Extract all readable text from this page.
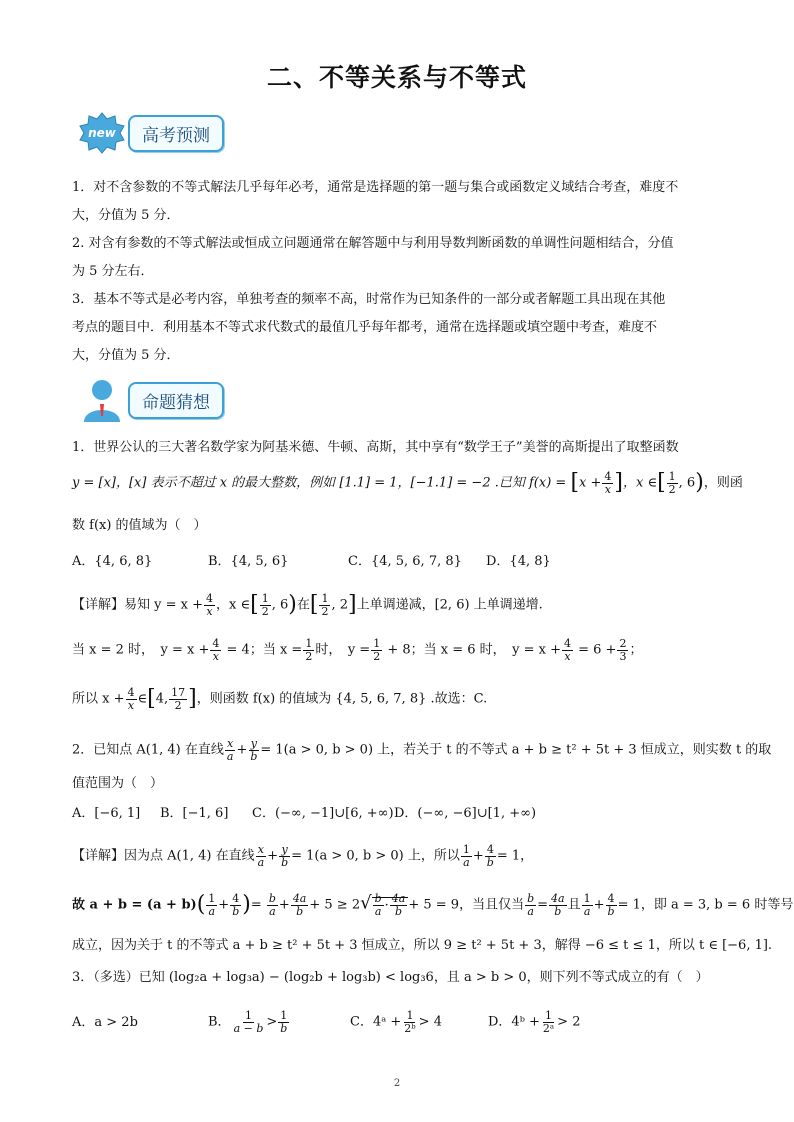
二、不等关系与不等式
new	高考预测
1．对不含参数的不等式解法几乎每年必考，通常是选择题的第一题与集合或函数定义域结合考查，难度不
大，分值为 5 分．
2. 对含有参数的不等式解法或恒成立问题通常在解答题中与利用导数判断函数的单调性问题相结合，分值
为 5 分左右．
3．基本不等式是必考内容，单独考查的频率不高，时常作为已知条件的一部分或者解题工具出现在其他
考点的题目中．利用基本不等式求代数式的最值几乎每年都考，通常在选择题或填空题中考查，难度不
大，分值为 5 分．
命题猜想
1．世界公认的三大著名数学家为阿基米德、牛顿、高斯，其中享有“数学王子”美誉的高斯提出了取整函数
y = [x]，[x] 表示不超过 x 的最大整数，例如 [1.1] = 1，[−1.1] = −2 .已知 $f(x) = [x + \frac{4}{x}$ ]，x ∈[ $\frac{1}{2}$ , 6)，则函
数 f(x) 的值域为（　）
A．{4, 6, 8}	B．{4, 5, 6}	C．{4, 5, 6, 7, 8} D．{4, 8}
【详解】易知 $y = x + \frac{4}{x}$ ，x ∈[ $\frac{1}{2}$ , 6)在[ $\frac{1}{2}$ , 2]上单调递减，[2, 6) 上单调递增.
当 x = 2 时，　$y = x + \frac{4}{x} = 4$；当 $x = \frac{1}{2}$ 时，　$y = \frac{1}{2} + 8$；当 x = 6 时，　$y = x + \frac{4}{x} = 6 + \frac{2}{3}$ ；
所以 $x + \frac{4}{x}$ ∈[4, $\frac{17}{2}$ ]，则函数 f(x) 的值域为 {4, 5, 6, 7, 8} .故选：C.
2．已知点 A(1, 4) 在直线 $\frac{x}{a} + \frac{y}{b} = 1(a > 0$, b > 0) 上，若关于 t 的不等式 a + b ≥ t² + 5t + 3 恒成立，则实数 t 的取
值范围为（　）
A．[−6, 1] B．[−1, 6] C．(−∞, −1]∪[6, +∞)D．(−∞, −6]∪[1, +∞)
【详解】因为点 A(1, 4) 在直线 $\frac{x}{a} + \frac{y}{b} = 1(a > 0$, b > 0) 上，所以 $\frac{1}{a} + \frac{4}{b} = 1$，
故 $a + b = (a + b)( \frac{1}{a} + \frac{4}{b}$ )= $\frac{b}{a} + \frac{4a}{b} + 5 \ge 2√ \frac{b}{a} \cdot \frac{4a}{b} + 5 = 9$，当且仅当 $\frac{b}{a} = \frac{4a}{b}$ 且 $\frac{1}{a} + \frac{4}{b} = 1$，即 a = 3, b = 6 时等号
成立，因为关于 t 的不等式 a + b ≥ t² + 5t + 3 恒成立，所以 9 ≥ t² + 5t + 3，解得 −6 ≤ t ≤ 1，所以 t ∈ [−6, 1].
3．（多选）已知 (log₂a + log₃a) − (log₂b + log₃b) < log₃6，且 a > b > 0，则下列不等式成立的有（　）
A．a > 2b	B． $\frac{1}{a - b} > \frac{1}{b}$	C．4ᵃ + $\frac{1}{\text{2ᵇ}} > 4$	D．4ᵇ + $\frac{1}{\text{2ᵃ}} > 2$
2
